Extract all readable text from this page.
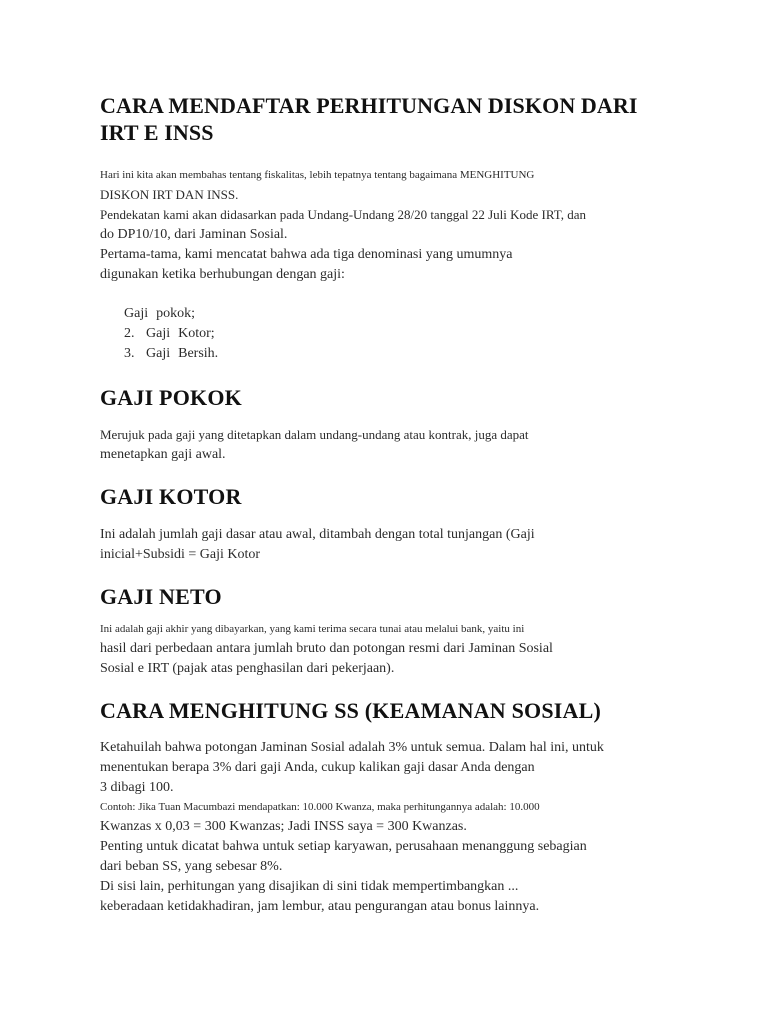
CARA MENDAFTAR PERHITUNGAN DISKON DARI
IRT E INSS
Hari ini kita akan membahas tentang fiskalitas, lebih tepatnya tentang bagaimana MENGHITUNG
DISKON IRT DAN INSS.
Pendekatan kami akan didasarkan pada Undang-Undang 28/20 tanggal 22 Juli Kode IRT, dan
do DP10/10, dari Jaminan Sosial.
Pertama-tama, kami mencatat bahwa ada tiga denominasi yang umumnya
digunakan ketika berhubungan dengan gaji:
Gaji pokok;
2. Gaji Kotor;
3. Gaji Bersih.
GAJI POKOK
Merujuk pada gaji yang ditetapkan dalam undang-undang atau kontrak, juga dapat
menetapkan gaji awal.
GAJI KOTOR
Ini adalah jumlah gaji dasar atau awal, ditambah dengan total tunjangan (Gaji
inicial+Subsidi = Gaji Kotor
GAJI NETO
Ini adalah gaji akhir yang dibayarkan, yang kami terima secara tunai atau melalui bank, yaitu ini
hasil dari perbedaan antara jumlah bruto dan potongan resmi dari Jaminan Sosial
Sosial e IRT (pajak atas penghasilan dari pekerjaan).
CARA MENGHITUNG SS (KEAMANAN SOSIAL)
Ketahuilah bahwa potongan Jaminan Sosial adalah 3% untuk semua. Dalam hal ini, untuk
menentukan berapa 3% dari gaji Anda, cukup kalikan gaji dasar Anda dengan
3 dibagi 100.
Contoh: Jika Tuan Macumbazi mendapatkan: 10.000 Kwanza, maka perhitungannya adalah: 10.000
Kwanzas x 0,03 = 300 Kwanzas; Jadi INSS saya = 300 Kwanzas.
Penting untuk dicatat bahwa untuk setiap karyawan, perusahaan menanggung sebagian
dari beban SS, yang sebesar 8%.
Di sisi lain, perhitungan yang disajikan di sini tidak mempertimbangkan ...
keberadaan ketidakhadiran, jam lembur, atau pengurangan atau bonus lainnya.
